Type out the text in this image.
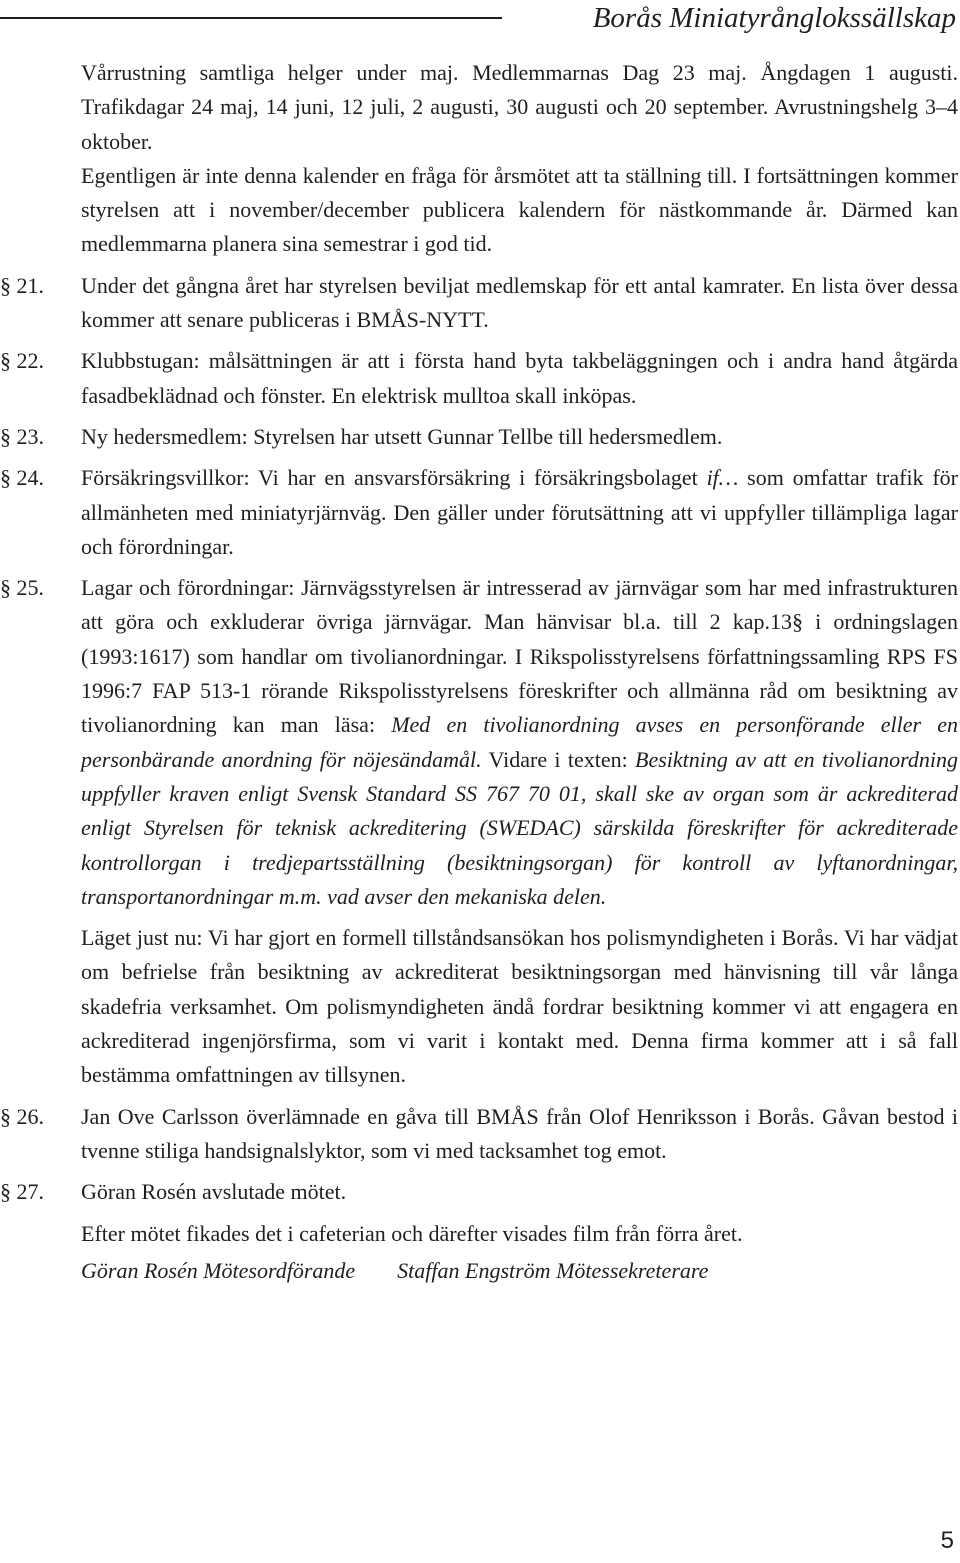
Borås Miniatyrånglokssällskap

Vårrustning samtliga helger under maj. Medlemmarnas Dag 23 maj. Ångdagen 1 augusti. Trafikdagar 24 maj, 14 juni, 12 juli, 2 augusti, 30 augusti och 20 september. Avrustningshelg 3–4 oktober.

Egentligen är inte denna kalender en fråga för årsmötet att ta ställning till. I fortsättningen kommer styrelsen att i november/december publicera kalendern för nästkommande år. Därmed kan medlemmarna planera sina semestrar i god tid.

§ 21.	Under det gångna året har styrelsen beviljat medlemskap för ett antal kamrater. En lista över dessa kommer att senare publiceras i BMÅS-NYTT.
§ 22.	Klubbstugan: målsättningen är att i första hand byta takbeläggningen och i andra hand åtgärda fasadbeklädnad och fönster. En elektrisk mulltoa skall inköpas.
§ 23.	Ny hedersmedlem: Styrelsen har utsett Gunnar Tellbe till hedersmedlem.
§ 24.	Försäkringsvillkor: Vi har en ansvarsförsäkring i försäkringsbolaget if… som omfattar trafik för allmänheten med miniatyrjärnväg. Den gäller under förutsättning att vi uppfyller tillämpliga lagar och förordningar.
§ 25.	Lagar och förordningar: Järnvägsstyrelsen är intresserad av järnvägar som har med infrastrukturen att göra och exkluderar övriga järnvägar. Man hänvisar bl.a. till 2 kap.13§ i ordningslagen (1993:1617) som handlar om tivolianordningar. I Rikspolisstyrelsens författningssamling RPS FS 1996:7 FAP 513-1 rörande Rikspolisstyrelsens föreskrifter och allmänna råd om besiktning av tivolianordning kan man läsa: Med en tivolianordning avses en personförande eller en personbärande anordning för nöjesändamål. Vidare i texten: Besiktning av att en tivolianordning uppfyller kraven enligt Svensk Standard SS 767 70 01, skall ske av organ som är ackrediterad enligt Styrelsen för teknisk ackreditering (SWEDAC) särskilda föreskrifter för ackrediterade kontrollorgan i tredjepartsställning (besiktningsorgan) för kontroll av lyftanordningar, transportanordningar m.m. vad avser den mekaniska delen.

Läget just nu: Vi har gjort en formell tillståndsansökan hos polismyndigheten i Borås. Vi har vädjat om befrielse från besiktning av ackrediterat besiktningsorgan med hänvisning till vår långa skadefria verksamhet. Om polismyndigheten ändå fordrar besiktning kommer vi att engagera en ackrediterad ingenjörsfirma, som vi varit i kontakt med. Denna firma kommer att i så fall bestämma omfattningen av tillsynen.

§ 26.	Jan Ove Carlsson överlämnade en gåva till BMÅS från Olof Henriksson i Borås. Gåvan bestod i tvenne stiliga handsignalslyktor, som vi med tacksamhet tog emot.
§ 27.	Göran Rosén avslutade mötet.

Efter mötet fikades det i cafeterian och därefter visades film från förra året.

Göran Rosén Mötesordförande Staffan Engström Mötessekreterare

5
